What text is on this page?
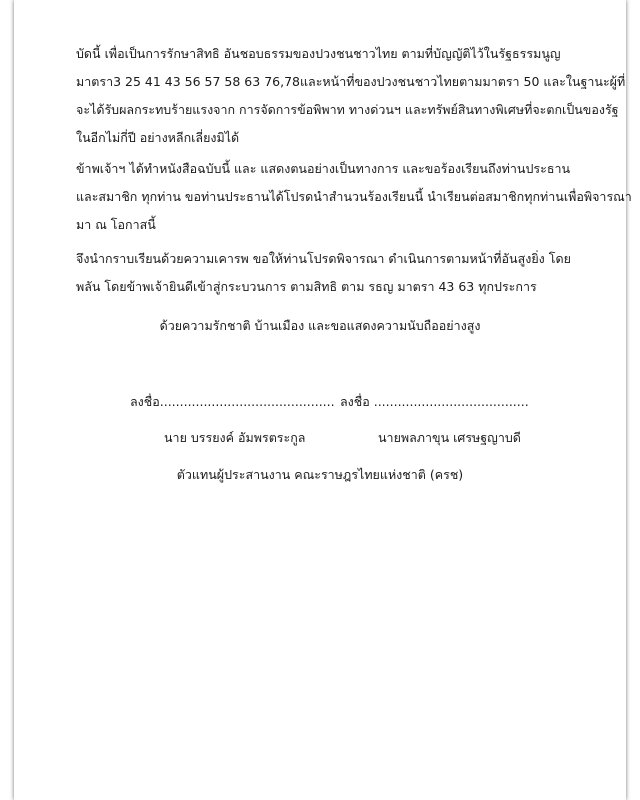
บัดนี้ เพื่อเป็นการรักษาสิทธิ อันชอบธรรมของปวงชนชาวไทย ตามที่บัญญัติไว้ในรัฐธรรมนูญ
มาตรา3 25 41 43 56 57 58 63 76,78และหน้าที่ของปวงชนชาวไทยตามมาตรา 50 และในฐานะผู้ที่
จะได้รับผลกระทบร้ายแรงจาก การจัดการข้อพิพาท ทางด่วนฯ และทรัพย์สินทางพิเศษที่จะตกเป็นของรัฐ
ในอีกไม่กี่ปี อย่างหลีกเลี่ยงมิได้
ข้าพเจ้าฯ ได้ทำหนังสือฉบับนี้ และ แสดงตนอย่างเป็นทางการ และขอร้องเรียนถึงท่านประธาน
และสมาชิก ทุกท่าน ขอท่านประธานได้โปรดนำสำนวนร้องเรียนนี้ นำเรียนต่อสมาชิกทุกท่านเพื่อพิจารณา
มา ณ โอกาสนี้
จึงนำกราบเรียนด้วยความเคารพ ขอให้ท่านโปรดพิจารณา ดำเนินการตามหน้าที่อันสูงยิ่ง โดย
พลัน โดยข้าพเจ้ายินดีเข้าสู่กระบวนการ ตามสิทธิ ตาม รธญ มาตรา 43 63 ทุกประการ
ด้วยความรักชาติ บ้านเมือง และขอแสดงความนับถืออย่างสูง
ลงชื่อ............................................ ลงชื่อ .......................................
นาย บรรยงค์ อัมพรตระกูล	นายพลภาขุน เศรษฐญาบดี
ตัวแทนผู้ประสานงาน คณะราษฎรไทยแห่งชาติ (ครช)
